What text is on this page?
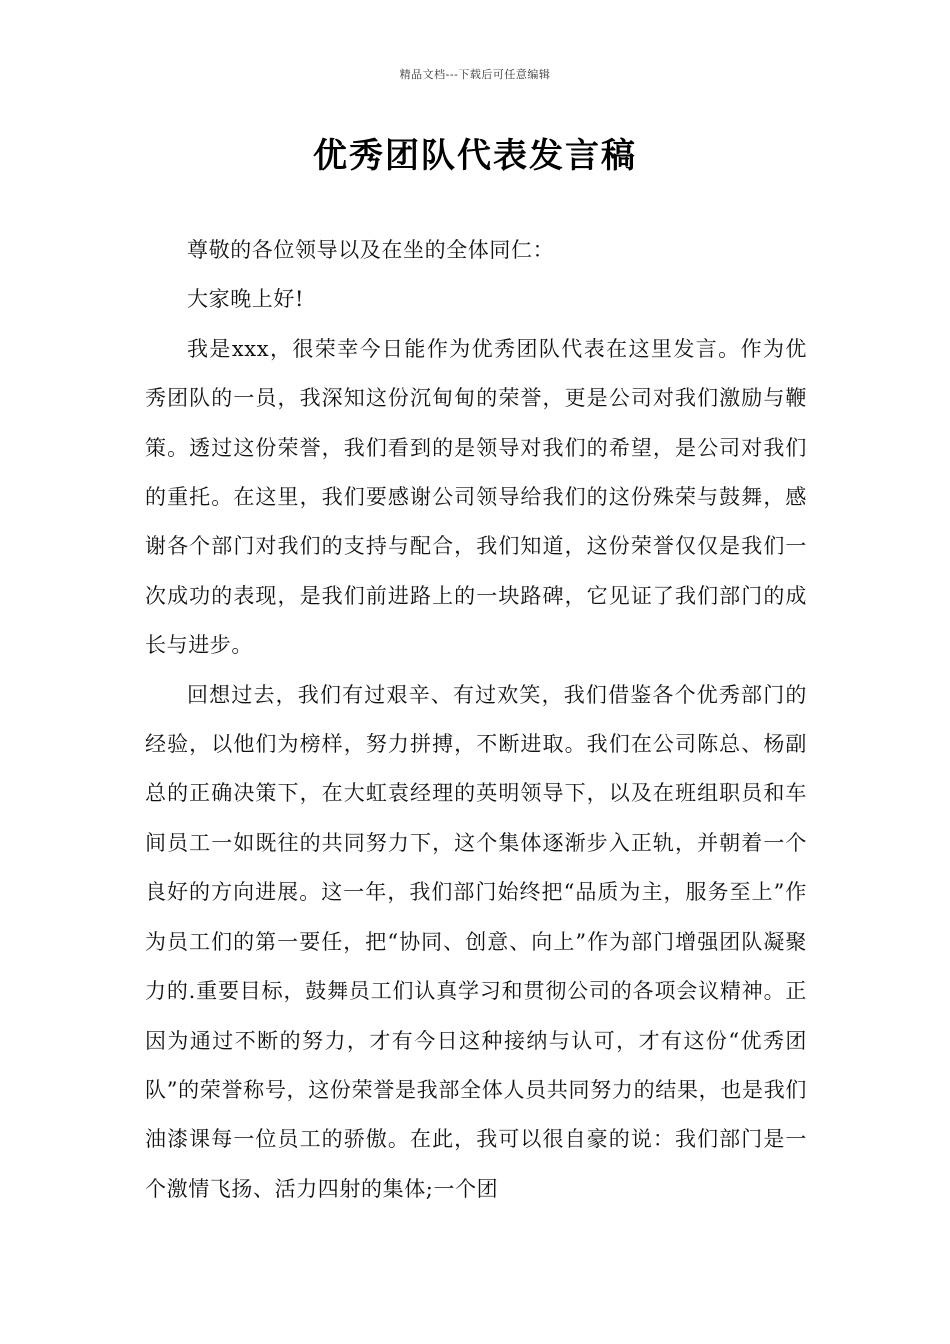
精品文档---下载后可任意编辑
优秀团队代表发言稿

尊敬的各位领导以及在坐的全体同仁：

大家晚上好!

我是xxx，很荣幸今日能作为优秀团队代表在这里发言。作为优秀团队的一员，我深知这份沉甸甸的荣誉，更是公司对我们激励与鞭策。透过这份荣誉，我们看到的是领导对我们的希望，是公司对我们的重托。在这里，我们要感谢公司领导给我们的这份殊荣与鼓舞，感谢各个部门对我们的支持与配合，我们知道，这份荣誉仅仅是我们一次成功的表现，是我们前进路上的一块路碑，它见证了我们部门的成长与进步。

回想过去，我们有过艰辛、有过欢笑，我们借鉴各个优秀部门的经验，以他们为榜样，努力拼搏，不断进取。我们在公司陈总、杨副总的正确决策下，在大虹袁经理的英明领导下，以及在班组职员和车间员工一如既往的共同努力下，这个集体逐渐步入正轨，并朝着一个良好的方向进展。这一年，我们部门始终把“品质为主，服务至上”作为员工们的第一要任，把“协同、创意、向上”作为部门增强团队凝聚力的.重要目标，鼓舞员工们认真学习和贯彻公司的各项会议精神。正因为通过不断的努力，才有今日这种接纳与认可，才有这份“优秀团队”的荣誉称号，这份荣誉是我部全体人员共同努力的结果，也是我们油漆课每一位员工的骄傲。在此，我可以很自豪的说：我们部门是一个激情飞扬、活力四射的集体;一个团
